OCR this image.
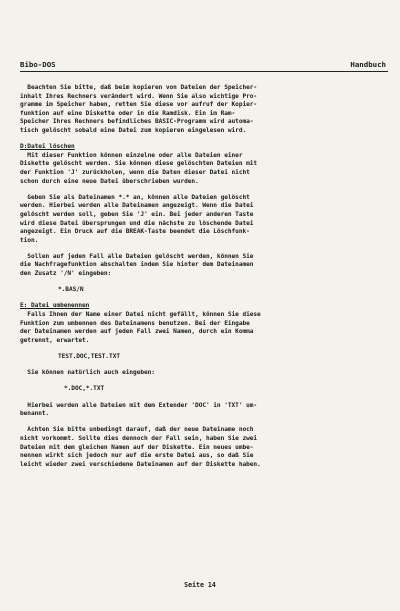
Bibo-DOS	Handbuch
Beachten Sie bitte, daß beim kopieren von Dateien der Speicher-
inhalt Ihres Rechners verändert wird. Wenn Sie also wichtige Pro-
gramme im Speicher haben, retten Sie diese vor aufruf der Kopier-
funktion auf eine Diskette oder in die Ramdisk. Ein im Ram-
Speicher Ihres Rechners befindliches BASIC-Programm wird automa-
tisch gelöscht sobald eine Datei zum kopieren eingelesen wird.
D:Datei löschen
Mit dieser Funktion können einzelne oder alle Dateien einer
Diskette gelöscht werden. Sie können diese gelöschten Dateien mit
der Funktion 'J' zurückholen, wenn die Daten dieser Datei nicht
schon durch eine neue Datei überschrieben wurden.
Geben Sie als Dateinamen *.* an, können alle Dateien gelöscht
werden. Hierbei werden alle Dateinamen angezeigt. Wenn die Datei
gelöscht werden soll, geben Sie 'J' ein. Bei jeder anderen Taste
wird diese Datei übersprungen und die nächste zu löschende Datei
angezeigt. Ein Druck auf die BREAK-Taste beendet die Löschfunk-
tion.
Sollen auf jeden Fall alle Dateien gelöscht werden, können Sie
die Nachfragefunktion abschalten indem Sie hinter dem Dateinamen
den Zusatz '/N' eingeben:
*.BAS/N
E: Datei umbenennen
Falls Ihnen der Name einer Datei nicht gefällt, können Sie diese
Funktion zum umbennen des Dateinamens benutzen. Bei der Eingabe
der Dateinamen werden auf jeden Fall zwei Namen, durch ein Komma
getrennt, erwartet.
TEST.DOC,TEST.TXT
Sie können natürlich auch eingeben:
*.DOC,*.TXT
Hierbei werden alle Dateien mit dem Extender 'DOC' in 'TXT' um-
benannt.
Achten Sie bitte unbedingt darauf, daß der neue Dateiname noch
nicht vorkommt. Sollte dies dennoch der Fall sein, haben Sie zwei
Dateien mit dem gleichen Namen auf der Diskette. Ein neues umbe-
nennen wirkt sich jedoch nur auf die erste Datei aus, so daß Sie
leicht wieder zwei verschiedene Dateinamen auf der Diskette haben.
Seite 14
